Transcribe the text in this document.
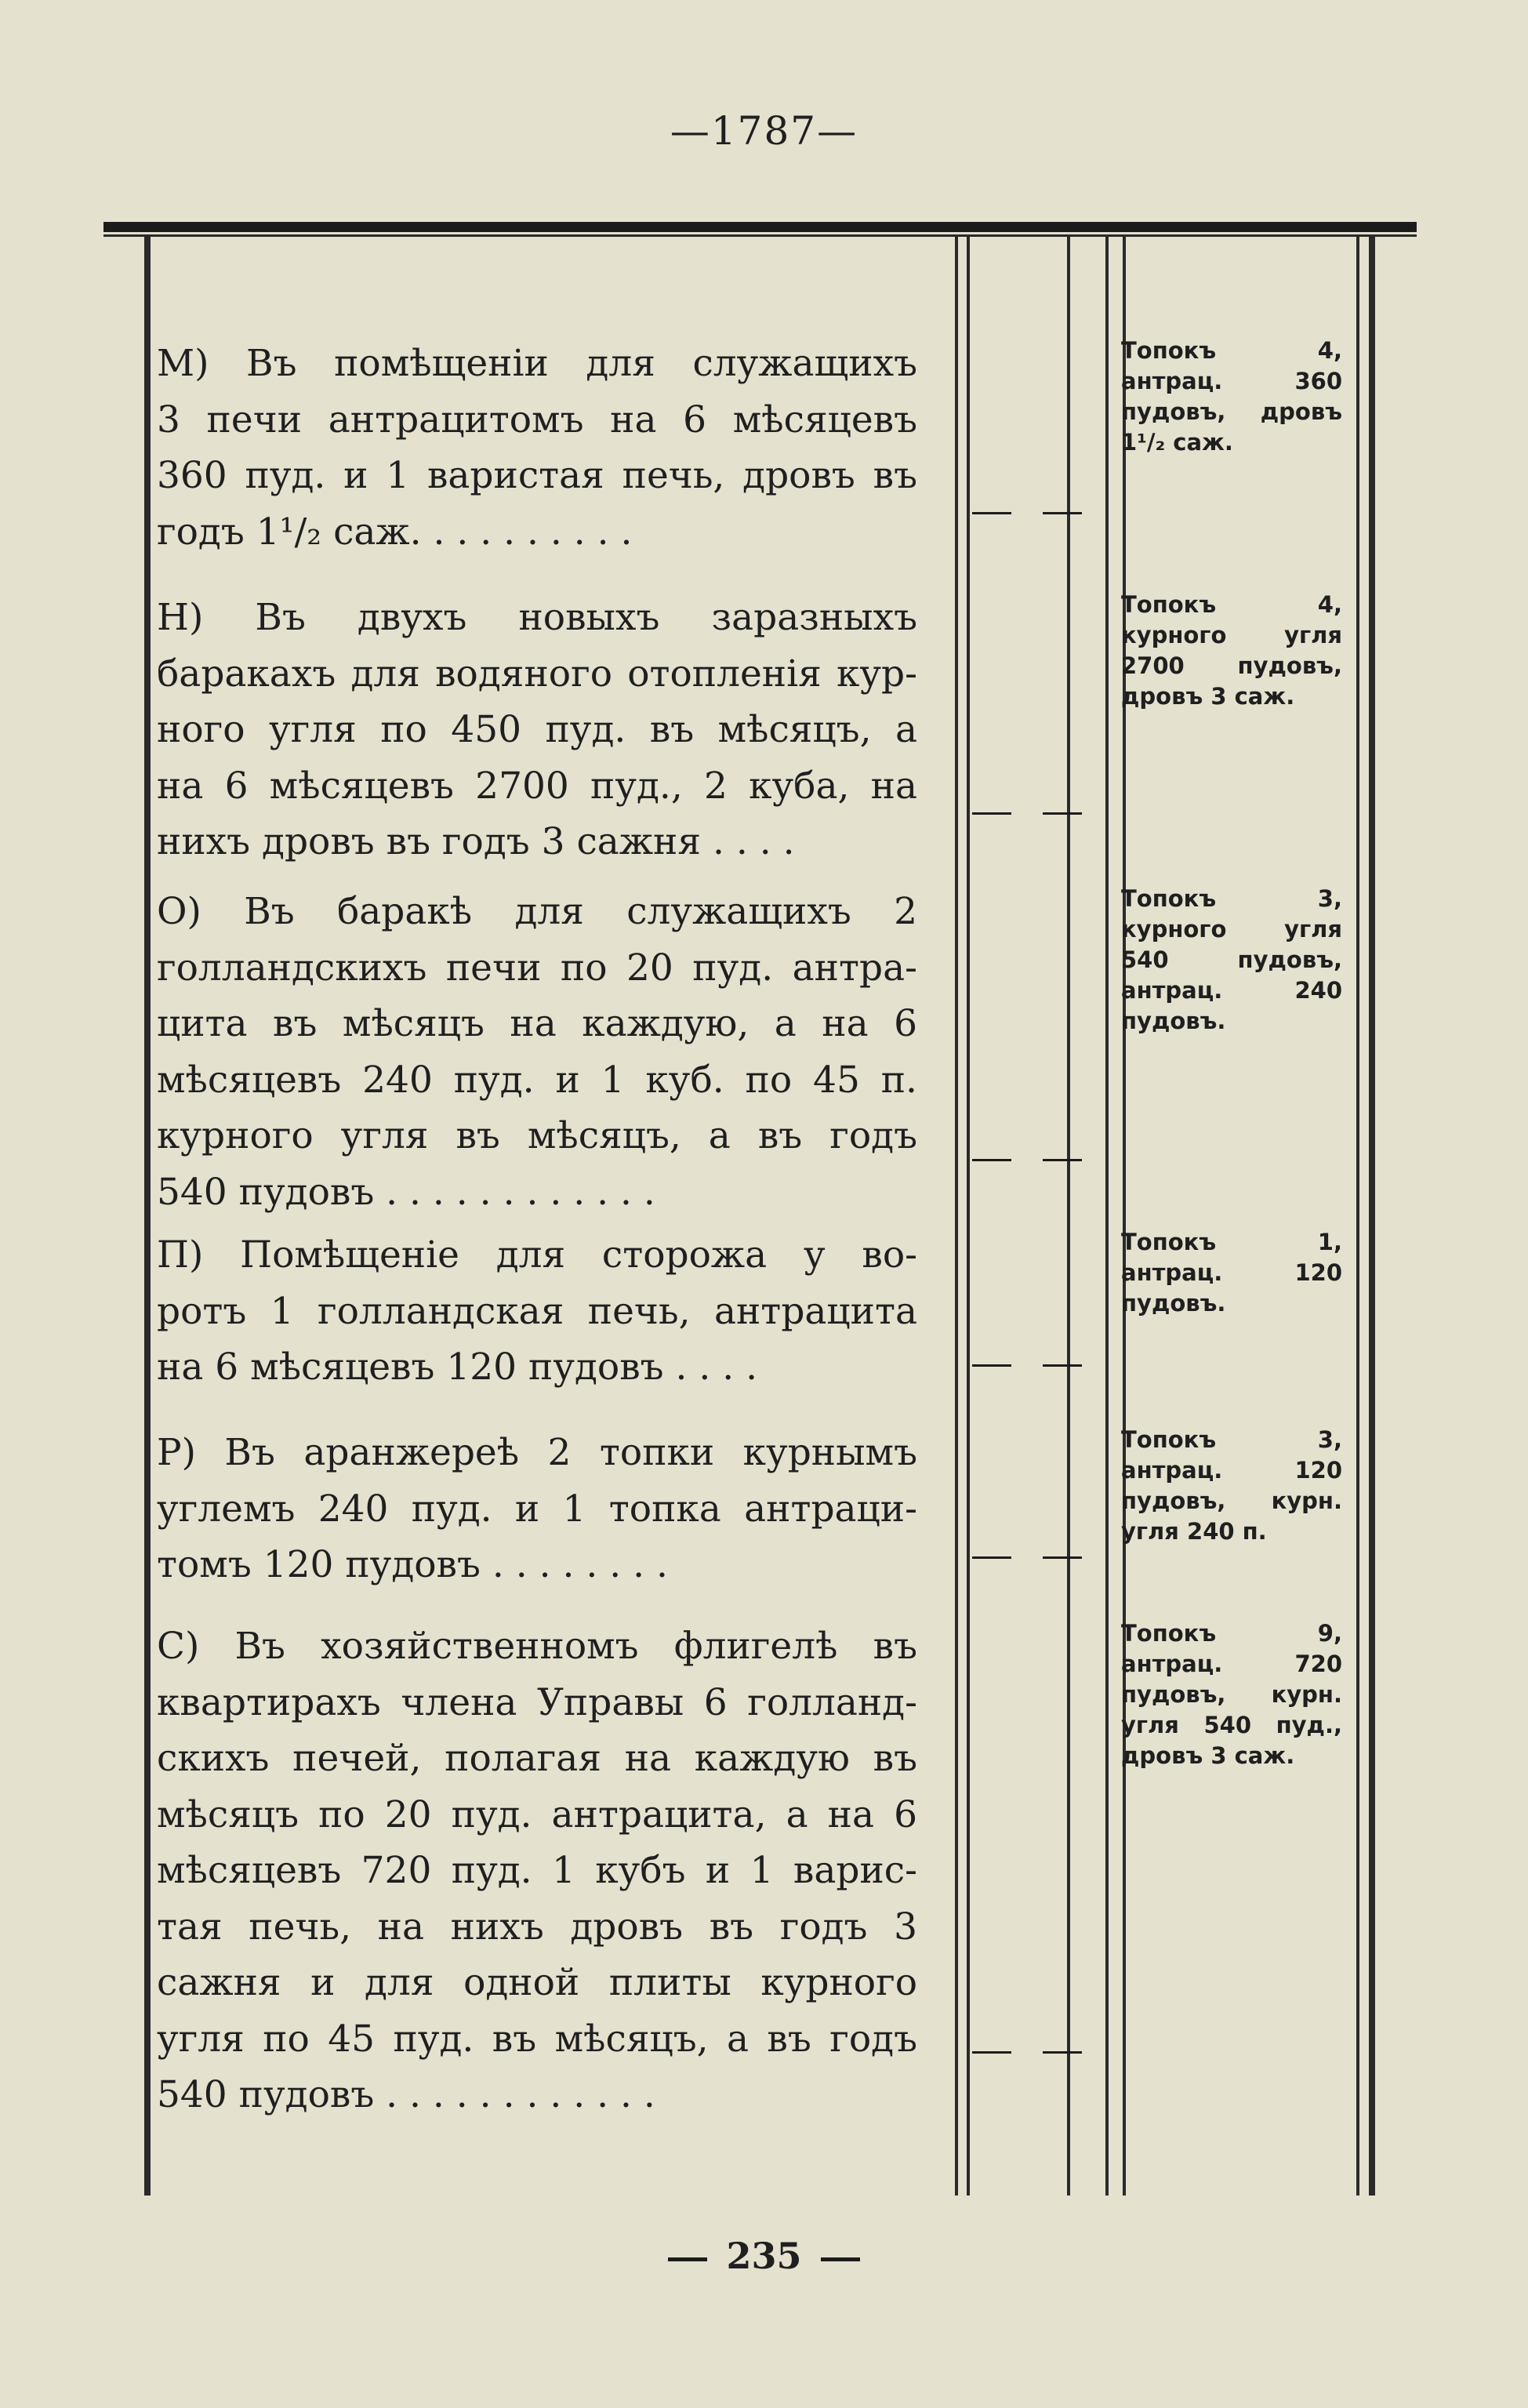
—1787—
М) Въ помѣщенiи для служащихъ
3 печи антрацитомъ на 6 мѣсяцевъ
360 пуд. и 1 варистая печь, дровъ въ
годъ 1¹/₂ саж. . . . . . . . . .
Топокъ 4,
антрац. 360
пудовъ, дровъ
1¹/₂ саж.
Н) Въ двухъ новыхъ заразныхъ
баракахъ для водяного отопленiя кур-
ного угля по 450 пуд. въ мѣсяцъ, а
на 6 мѣсяцевъ 2700 пуд., 2 куба, на
нихъ дровъ въ годъ 3 сажня . . . .
Топокъ 4,
курного угля
2700 пудовъ,
дровъ 3 саж.
О) Въ баракѣ для служащихъ 2
голландскихъ печи по 20 пуд. антра-
цита въ мѣсяцъ на каждую, а на 6
мѣсяцевъ 240 пуд. и 1 куб. по 45 п.
курного угля въ мѣсяцъ, а въ годъ
540 пудовъ . . . . . . . . . . . .
Топокъ 3,
курного угля
540 пудовъ,
антрац. 240
пудовъ.
П) Помѣщенiе для сторожа у во-
ротъ 1 голландская печь, антрацита
на 6 мѣсяцевъ 120 пудовъ . . . .
Топокъ 1,
антрац. 120
пудовъ.
Р) Въ аранжереѣ 2 топки курнымъ
углемъ 240 пуд. и 1 топка антраци-
томъ 120 пудовъ . . . . . . . .
Топокъ 3,
антрац. 120
пудовъ, курн.
угля 240 п.
С) Въ хозяйственномъ флигелѣ въ
квартирахъ члена Управы 6 голланд-
скихъ печей, полагая на каждую въ
мѣсяцъ по 20 пуд. антрацита, а на 6
мѣсяцевъ 720 пуд. 1 кубъ и 1 варис-
тая печь, на нихъ дровъ въ годъ 3
сажня и для одной плиты курного
угля по 45 пуд. въ мѣсяцъ, а въ годъ
540 пудовъ . . . . . . . . . . . .
Топокъ 9,
антрац. 720
пудовъ, курн.
угля 540 пуд.,
дровъ 3 саж.
235
